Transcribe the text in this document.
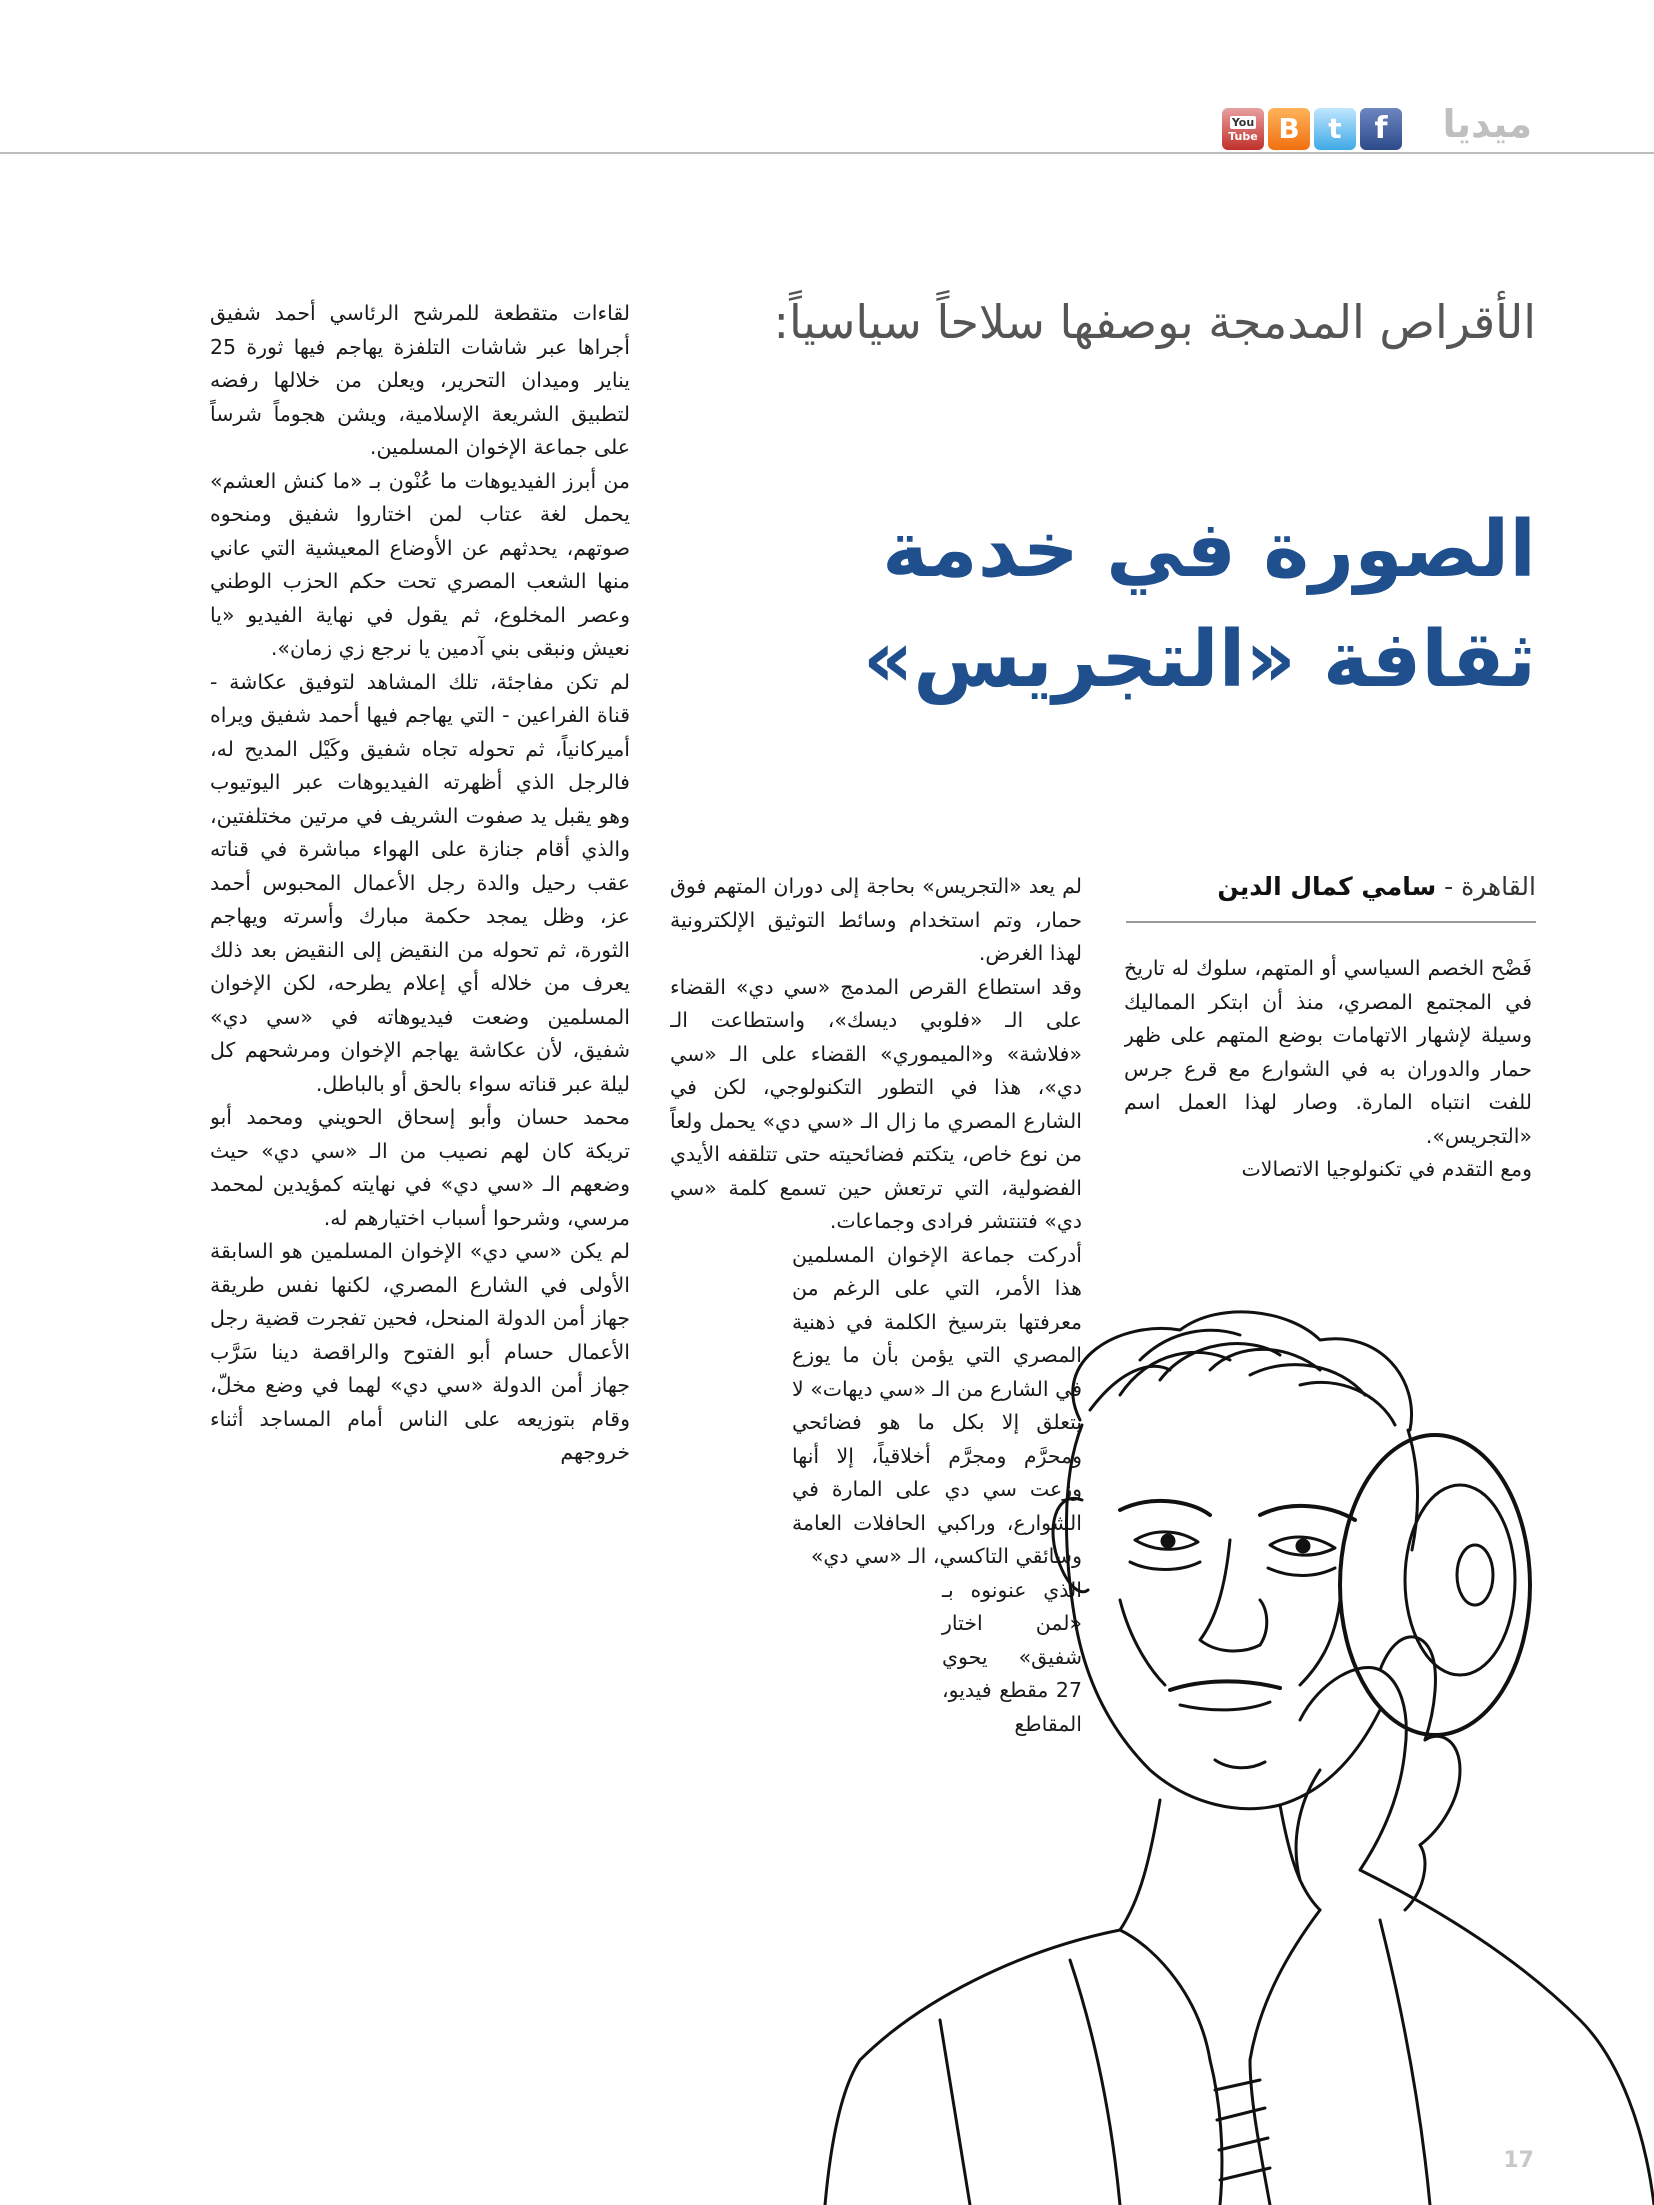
ميديا
You
Tube B	t	f
الأقراص المدمجة بوصفها سلاحاً سياسياً:
الصورة في خدمة
ثقافة «التجريس»
القاهرة - سامي كمال الدين

فَضْح الخصم السياسي أو المتهم، سلوك له تاريخ في المجتمع المصري، منذ أن ابتكر المماليك وسيلة لإشهار الاتهامات بوضع المتهم على ظهر حمار والدوران به في الشوارع مع قرع جرس للفت انتباه المارة. وصار لهذا العمل اسم «التجريس».

ومع التقدم في تكنولوجيا الاتصالات

لم يعد «التجريس» بحاجة إلى دوران المتهم فوق حمار، وتم استخدام وسائط التوثيق الإلكترونية لهذا الغرض.

وقد استطاع القرص المدمج «سي دي» القضاء على الـ «فلوبي ديسك»، واستطاعت الـ «فلاشة» و«الميموري» القضاء على الـ «سي دي»، هذا في التطور التكنولوجي، لكن في الشارع المصري ما زال الـ «سي دي» يحمل ولعاً من نوع خاص، يتكتم فضائحيته حتى تتلقفه الأيدي الفضولية، التي ترتعش حين تسمع كلمة «سي دي» فتنتشر فرادى وجماعات.

أدركت جماعة الإخوان المسلمين هذا الأمر، التي على الرغم من معرفتها بترسيخ الكلمة في ذهنية المصري التي يؤمن بأن ما يوزع في الشارع من الـ «سي ديهات» لا يتعلق إلا بكل ما هو فضائحي ومحرَّم ومجرَّم أخلاقياً، إلا أنها وزعت سي دي على المارة في الشوارع، وراكبي الحافلات العامة وسائقي التاكسي، الـ «سي دي»

الذي عنونوه بـ «لمن اختار شفيق» يحوي 27 مقطع فيديو، المقاطع

لقاءات متقطعة للمرشح الرئاسي أحمد شفيق أجراها عبر شاشات التلفزة يهاجم فيها ثورة 25 يناير وميدان التحرير، ويعلن من خلالها رفضه لتطبيق الشريعة الإسلامية، ويشن هجوماً شرساً على جماعة الإخوان المسلمين.

من أبرز الفيديوهات ما عُنْون بـ «ما كنش العشم» يحمل لغة عتاب لمن اختاروا شفيق ومنحوه صوتهم، يحدثهم عن الأوضاع المعيشية التي عاني منها الشعب المصري تحت حكم الحزب الوطني وعصر المخلوع، ثم يقول في نهاية الفيديو «يا نعيش ونبقى بني آدمين يا نرجع زي زمان».

لم تكن مفاجئة، تلك المشاهد لتوفيق عكاشة - قناة الفراعين - التي يهاجم فيها أحمد شفيق ويراه أميركانياً، ثم تحوله تجاه شفيق وكَيْل المديح له، فالرجل الذي أظهرته الفيديوهات عبر اليوتيوب وهو يقبل يد صفوت الشريف في مرتين مختلفتين، والذي أقام جنازة على الهواء مباشرة في قناته عقب رحيل والدة رجل الأعمال المحبوس أحمد عز، وظل يمجد حكمة مبارك وأسرته ويهاجم الثورة، ثم تحوله من النقيض إلى النقيض بعد ذلك يعرف من خلاله أي إعلام يطرحه، لكن الإخوان المسلمين وضعت فيديوهاته في «سي دي» شفيق، لأن عكاشة يهاجم الإخوان ومرشحهم كل ليلة عبر قناته سواء بالحق أو بالباطل.

محمد حسان وأبو إسحاق الحويني ومحمد أبو تريكة كان لهم نصيب من الـ «سي دي» حيث وضعهم الـ «سي دي» في نهايته كمؤيدين لمحمد مرسي، وشرحوا أسباب اختيارهم له.

لم يكن «سي دي» الإخوان المسلمين هو السابقة الأولى في الشارع المصري، لكنها نفس طريقة جهاز أمن الدولة المنحل، فحين تفجرت قضية رجل الأعمال حسام أبو الفتوح والراقصة دينا سَرَّب جهاز أمن الدولة «سي دي» لهما في وضع مخلّ، وقام بتوزيعه على الناس أمام المساجد أثناء خروجهم

17
